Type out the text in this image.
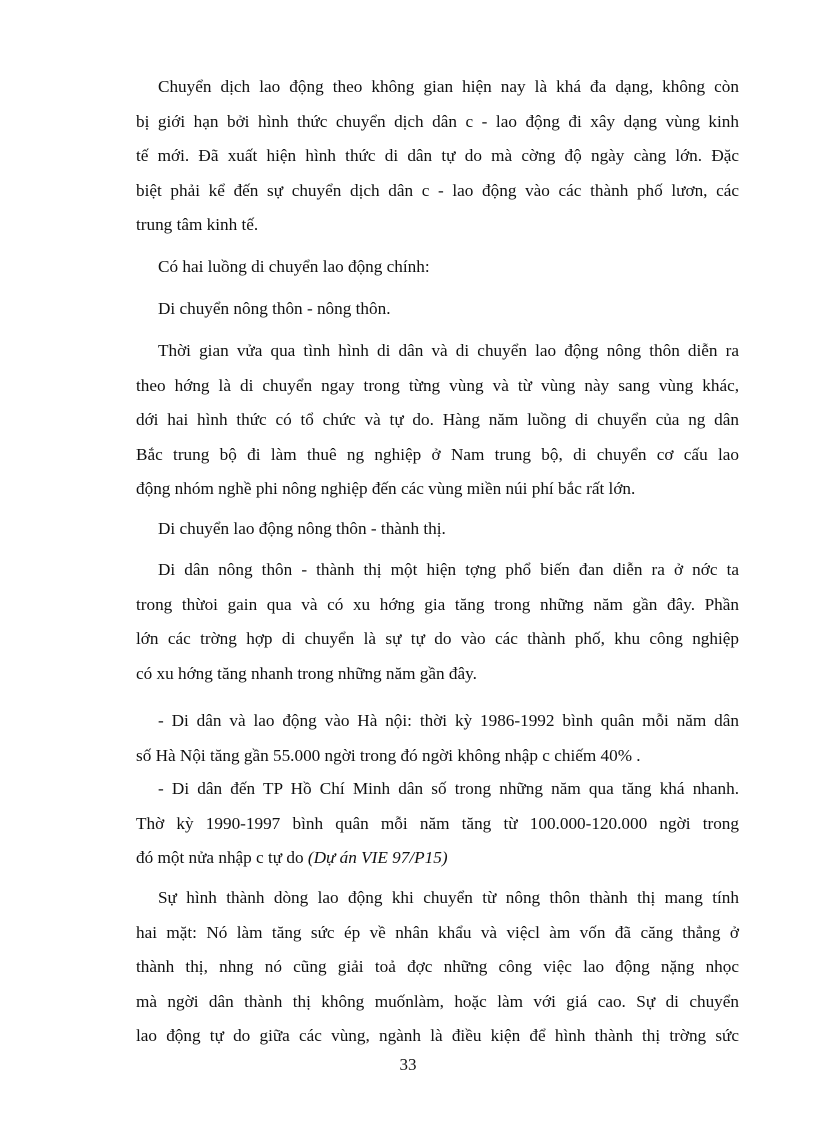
Chuyển dịch lao động theo không gian hiện nay là khá đa dạng, không còn
bị giới hạn bởi hình thức chuyển dịch dân c - lao động đi xây dạng vùng kinh
tế mới. Đã xuất hiện hình thức di dân tự do mà cờng độ ngày càng lớn. Đặc
biệt phải kể đến sự chuyển dịch dân c - lao động vào các thành phố lươn, các
trung tâm kinh tế.

Có hai luồng di chuyển lao động chính:

Di chuyển nông thôn - nông thôn.

Thời gian vửa qua tình hình di dân và di chuyển lao động nông thôn diễn ra
theo hớng là di chuyển ngay trong từng vùng và từ vùng này sang vùng khác,
dới hai hình thức có tổ chức và tự do. Hàng năm luồng di chuyển của ng dân
Bắc trung bộ đi làm thuê ng nghiệp ở Nam trung bộ, di chuyển cơ cấu lao
động nhóm nghề phi nông nghiệp đến các vùng miền núi phí bắc rất lớn.

Di chuyển lao động nông thôn - thành thị.

Di dân nông thôn - thành thị một hiện tợng phổ biến đan diễn ra ở nớc ta
trong thừoi gain qua và có xu hớng gia tăng trong những năm gần đây. Phần
lớn các trờng hợp di chuyển là sự tự do vào các thành phố, khu công nghiệp
có xu hớng tăng nhanh trong những năm gần đây.

- Di dân và lao động vào Hà nội: thời kỳ 1986-1992 bình quân mỗi năm dân
số Hà Nội tăng gần 55.000 ngời trong đó ngời không nhập c chiếm 40% .

- Di dân đến TP Hồ Chí Minh dân số trong những năm qua tăng khá nhanh.
Thờ kỳ 1990-1997 bình quân mỗi năm tăng từ 100.000-120.000 ngời trong
đó một nửa nhập c tự do (Dự án VIE 97/P15)

Sự hình thành dòng lao động khi chuyển từ nông thôn thành thị mang tính
hai mặt: Nó làm tăng sức ép về nhân khẩu và việcl àm vốn đã căng thẳng ở
thành thị, nhng nó cũng giải toả đợc những công việc lao động nặng nhọc
mà ngời dân thành thị không muốnlàm, hoặc làm với giá cao. Sự di chuyển
lao động tự do giữa các vùng, ngành là điều kiện để hình thành thị trờng sức

33
